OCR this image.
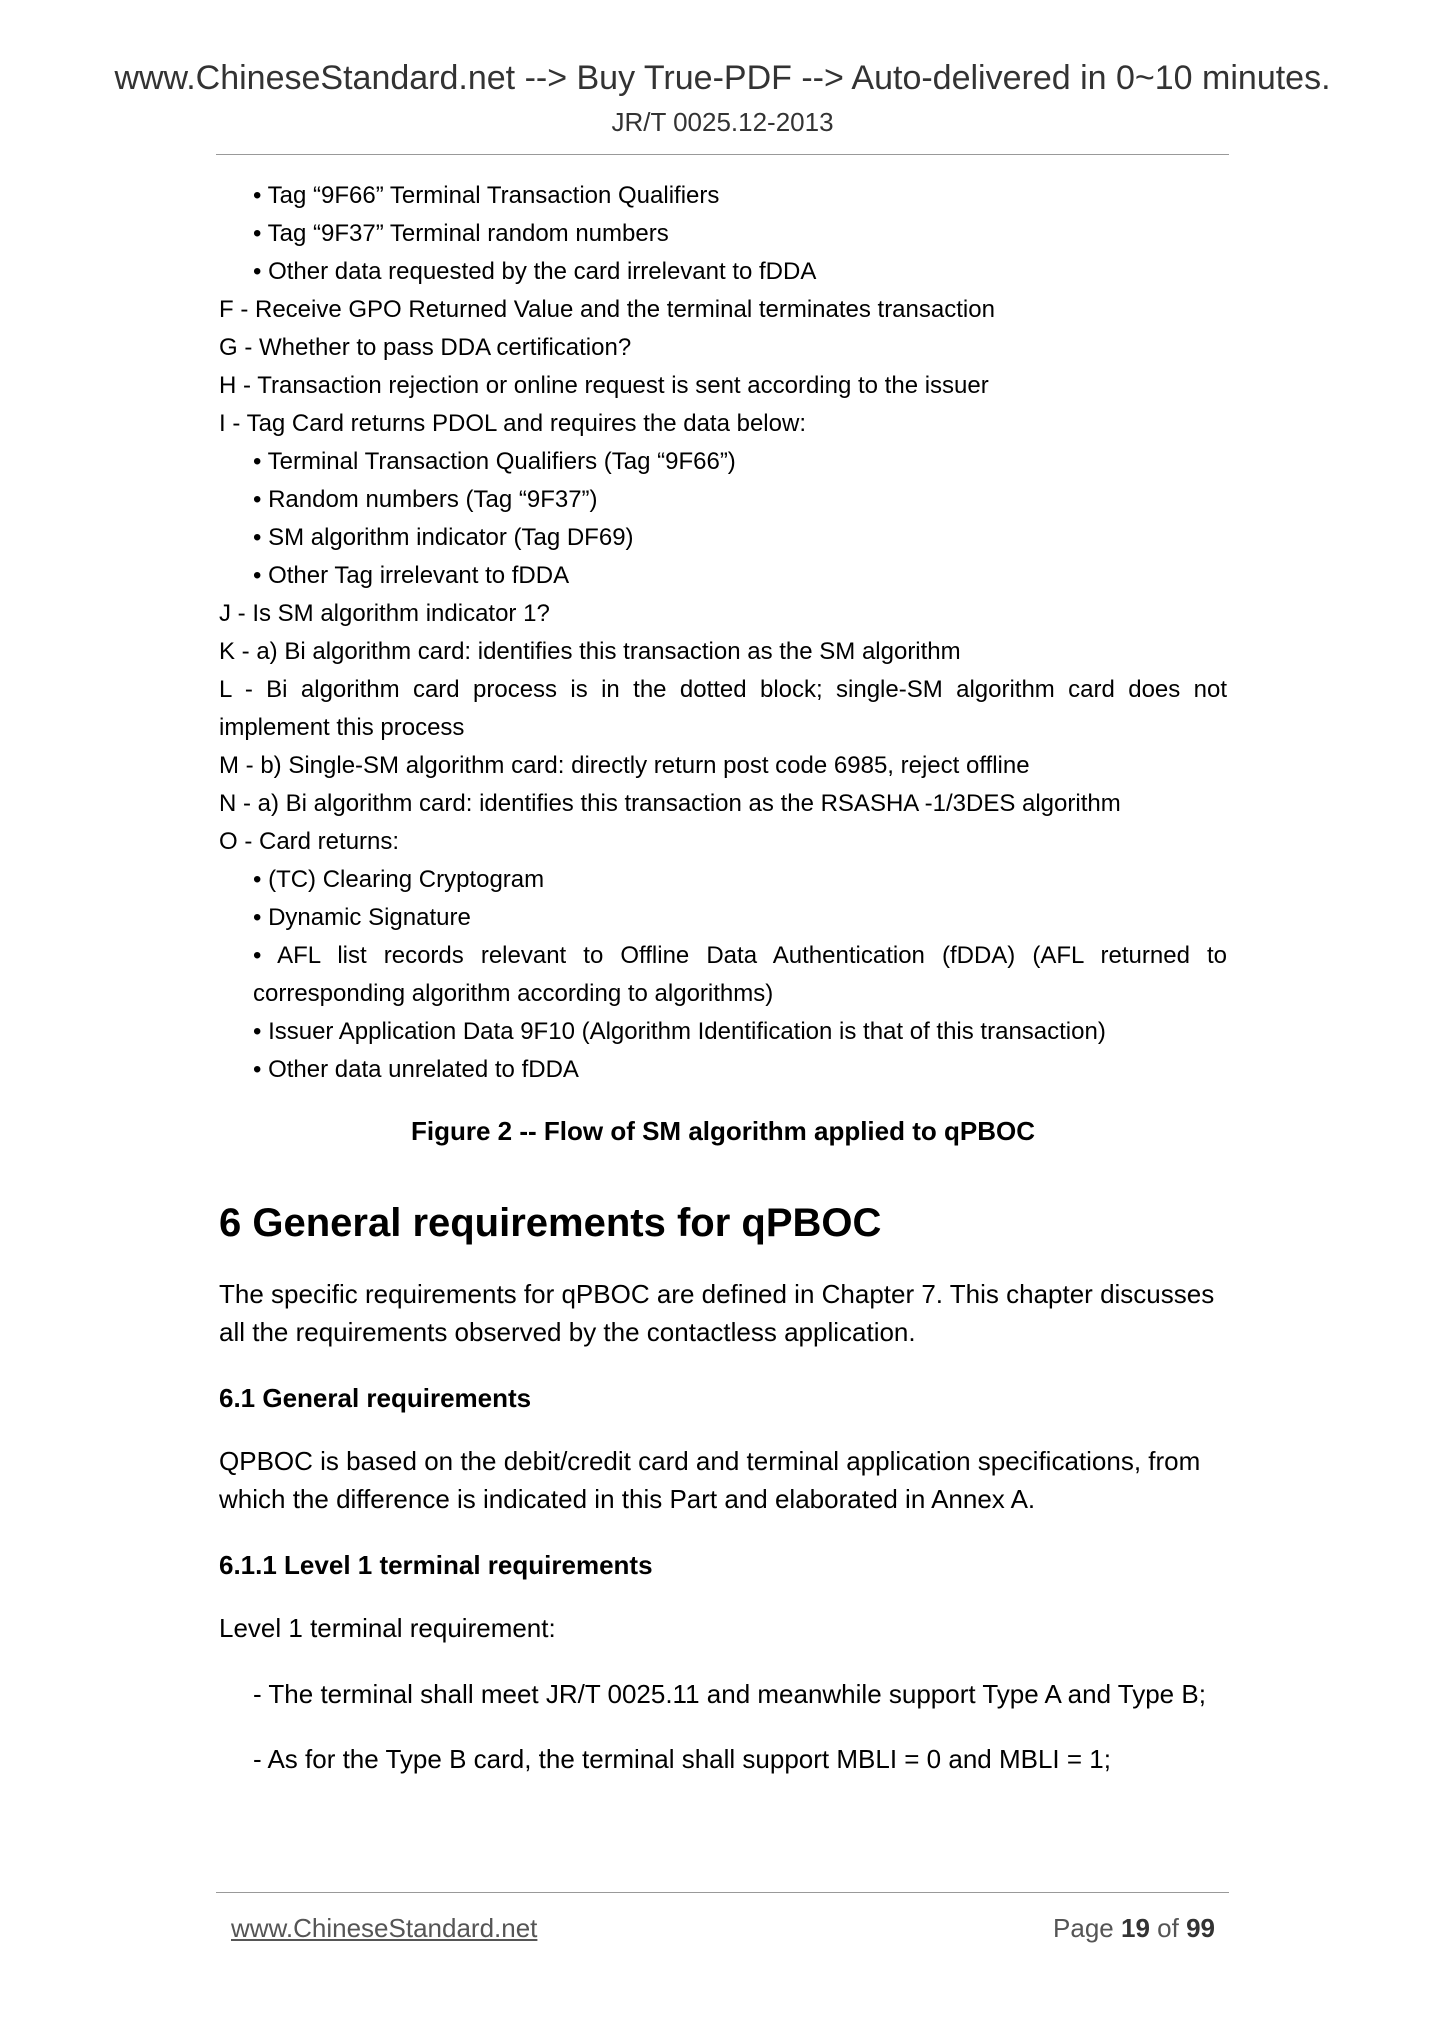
www.ChineseStandard.net --> Buy True-PDF --> Auto-delivered in 0~10 minutes.
JR/T 0025.12-2013
• Tag “9F66” Terminal Transaction Qualifiers
• Tag “9F37” Terminal random numbers
• Other data requested by the card irrelevant to fDDA
F - Receive GPO Returned Value and the terminal terminates transaction
G - Whether to pass DDA certification?
H - Transaction rejection or online request is sent according to the issuer
I - Tag Card returns PDOL and requires the data below:
• Terminal Transaction Qualifiers (Tag “9F66”)
• Random numbers (Tag “9F37”)
• SM algorithm indicator (Tag DF69)
• Other Tag irrelevant to fDDA
J - Is SM algorithm indicator 1?
K - a) Bi algorithm card: identifies this transaction as the SM algorithm
L - Bi algorithm card process is in the dotted block; single-SM algorithm card does not
implement this process
M - b) Single-SM algorithm card: directly return post code 6985, reject offline
N - a) Bi algorithm card: identifies this transaction as the RSASHA -1/3DES algorithm
O - Card returns:
• (TC) Clearing Cryptogram
• Dynamic Signature
• AFL list records relevant to Offline Data Authentication (fDDA) (AFL returned to
corresponding algorithm according to algorithms)
• Issuer Application Data 9F10 (Algorithm Identification is that of this transaction)
• Other data unrelated to fDDA
Figure 2 -- Flow of SM algorithm applied to qPBOC
6 General requirements for qPBOC
The specific requirements for qPBOC are defined in Chapter 7. This chapter discusses all the requirements observed by the contactless application.
6.1 General requirements
QPBOC is based on the debit/credit card and terminal application specifications, from which the difference is indicated in this Part and elaborated in Annex A.
6.1.1 Level 1 terminal requirements
Level 1 terminal requirement:
- The terminal shall meet JR/T 0025.11 and meanwhile support Type A and Type B;
- As for the Type B card, the terminal shall support MBLI = 0 and MBLI = 1;
www.ChineseStandard.net	Page 19 of 99
